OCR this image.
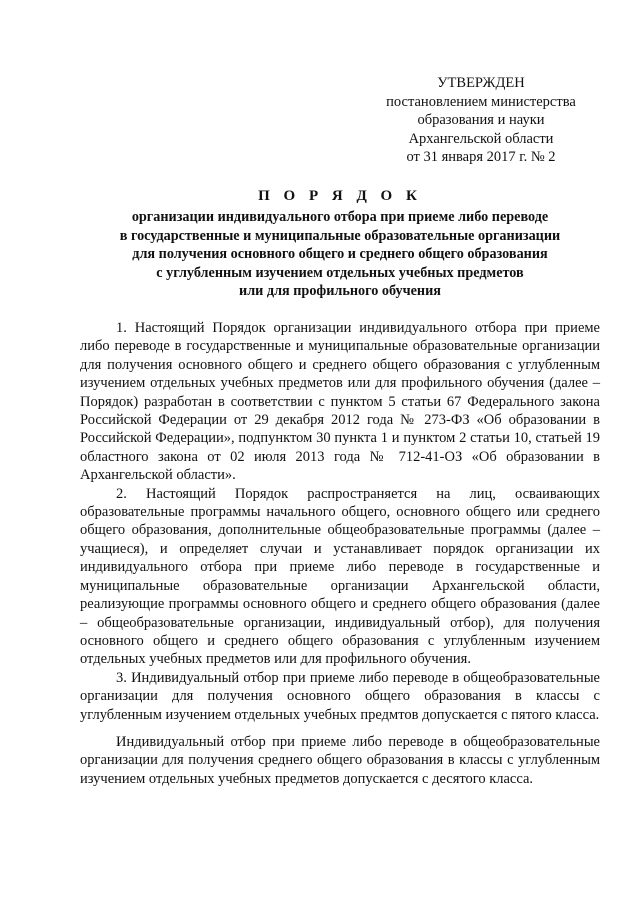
УТВЕРЖДЕН
постановлением министерства
образования и науки
Архангельской области
от 31 января 2017 г. № 2
П О Р Я Д О К
организации индивидуального отбора при приеме либо переводе
в государственные и муниципальные образовательные организации
для получения основного общего и среднего общего образования
с углубленным изучением отдельных учебных предметов
или для профильного обучения

1. Настоящий Порядок организации индивидуального отбора при приеме либо переводе в государственные и муниципальные образовательные организации для получения основного общего и среднего общего образования с углубленным изучением отдельных учебных предметов или для профильного обучения (далее – Порядок) разработан в соответствии с пунктом 5 статьи 67 Федерального закона Российской Федерации от 29 декабря 2012 года № 273-ФЗ «Об образовании в Российской Федерации», подпунктом 30 пункта 1 и пунктом 2 статьи 10, статьей 19 областного закона от 02 июля 2013 года № 712-41-ОЗ «Об образовании в Архангельской области».

2. Настоящий Порядок распространяется на лиц, осваивающих образовательные программы начального общего, основного общего или среднего общего образования, дополнительные общеобразовательные программы (далее – учащиеся), и определяет случаи и устанавливает порядок организации их индивидуального отбора при приеме либо переводе в государственные и муниципальные образовательные организации Архангельской области, реализующие программы основного общего и среднего общего образования (далее – общеобразовательные организации, индивидуальный отбор), для получения основного общего и среднего общего образования с углубленным изучением отдельных учебных предметов или для профильного обучения.

3. Индивидуальный отбор при приеме либо переводе в общеобразовательные организации для получения основного общего образования в классы с углубленным изучением отдельных учебных предмтов допускается с пятого класса.

Индивидуальный отбор при приеме либо переводе в общеобразовательные организации для получения среднего общего образования в классы с углубленным изучением отдельных учебных предметов допускается с десятого класса.
